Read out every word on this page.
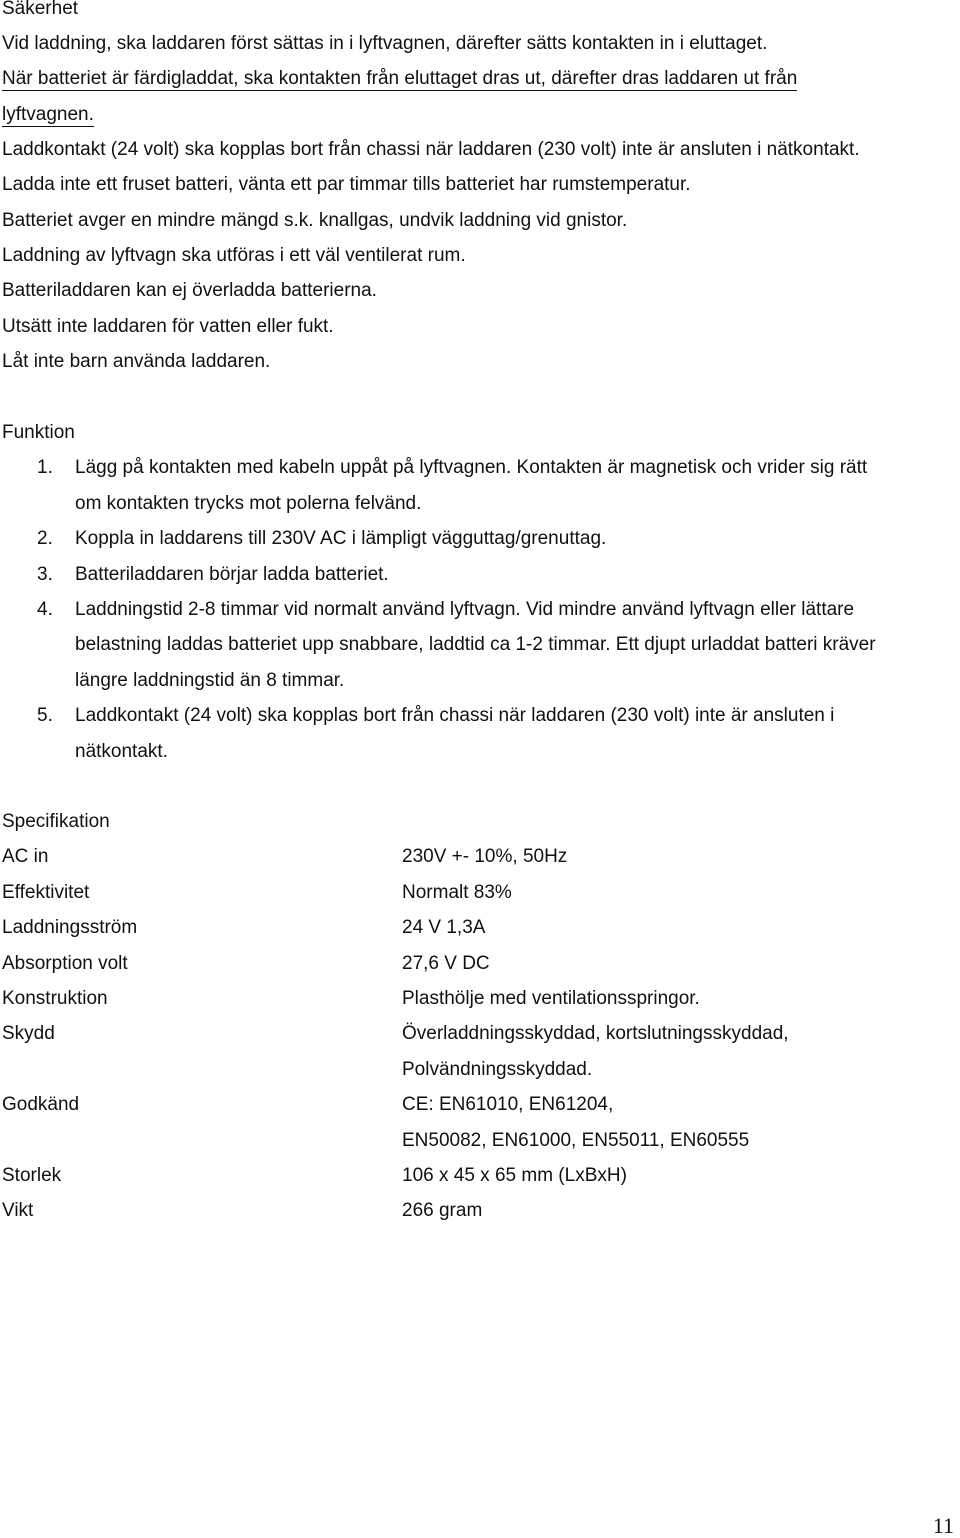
Säkerhet
Vid laddning, ska laddaren först sättas in i lyftvagnen, därefter sätts kontakten in i eluttaget.
När batteriet är färdigladdat, ska kontakten från eluttaget dras ut, därefter dras laddaren ut från
lyftvagnen.
Laddkontakt (24 volt) ska kopplas bort från chassi när laddaren (230 volt) inte är ansluten i nätkontakt.
Ladda inte ett fruset batteri, vänta ett par timmar tills batteriet har rumstemperatur.
Batteriet avger en mindre mängd s.k. knallgas, undvik laddning vid gnistor.
Laddning av lyftvagn ska utföras i ett väl ventilerat rum.
Batteriladdaren kan ej överladda batterierna.
Utsätt inte laddaren för vatten eller fukt.
Låt inte barn använda laddaren.
Funktion
1. Lägg på kontakten med kabeln uppåt på lyftvagnen. Kontakten är magnetisk och vrider sig rätt
om kontakten trycks mot polerna felvänd.
2. Koppla in laddarens till 230V AC i lämpligt vägguttag/grenuttag.
3. Batteriladdaren börjar ladda batteriet.
4. Laddningstid 2-8 timmar vid normalt använd lyftvagn. Vid mindre använd lyftvagn eller lättare
belastning laddas batteriet upp snabbare, laddtid ca 1-2 timmar. Ett djupt urladdat batteri kräver
längre laddningstid än 8 timmar.
5. Laddkontakt (24 volt) ska kopplas bort från chassi när laddaren (230 volt) inte är ansluten i
nätkontakt.
Specifikation
AC in	230V +- 10%, 50Hz
Effektivitet	Normalt 83%
Laddningsström	24 V 1,3A
Absorption volt	27,6 V DC
Konstruktion	Plasthölje med ventilationsspringor.
Skydd	Överladdningsskyddad, kortslutningsskyddad,
Polvändningsskyddad.
Godkänd	CE: EN61010, EN61204,
EN50082, EN61000, EN55011, EN60555
Storlek	106 x 45 x 65 mm (LxBxH)
Vikt	266 gram
11
